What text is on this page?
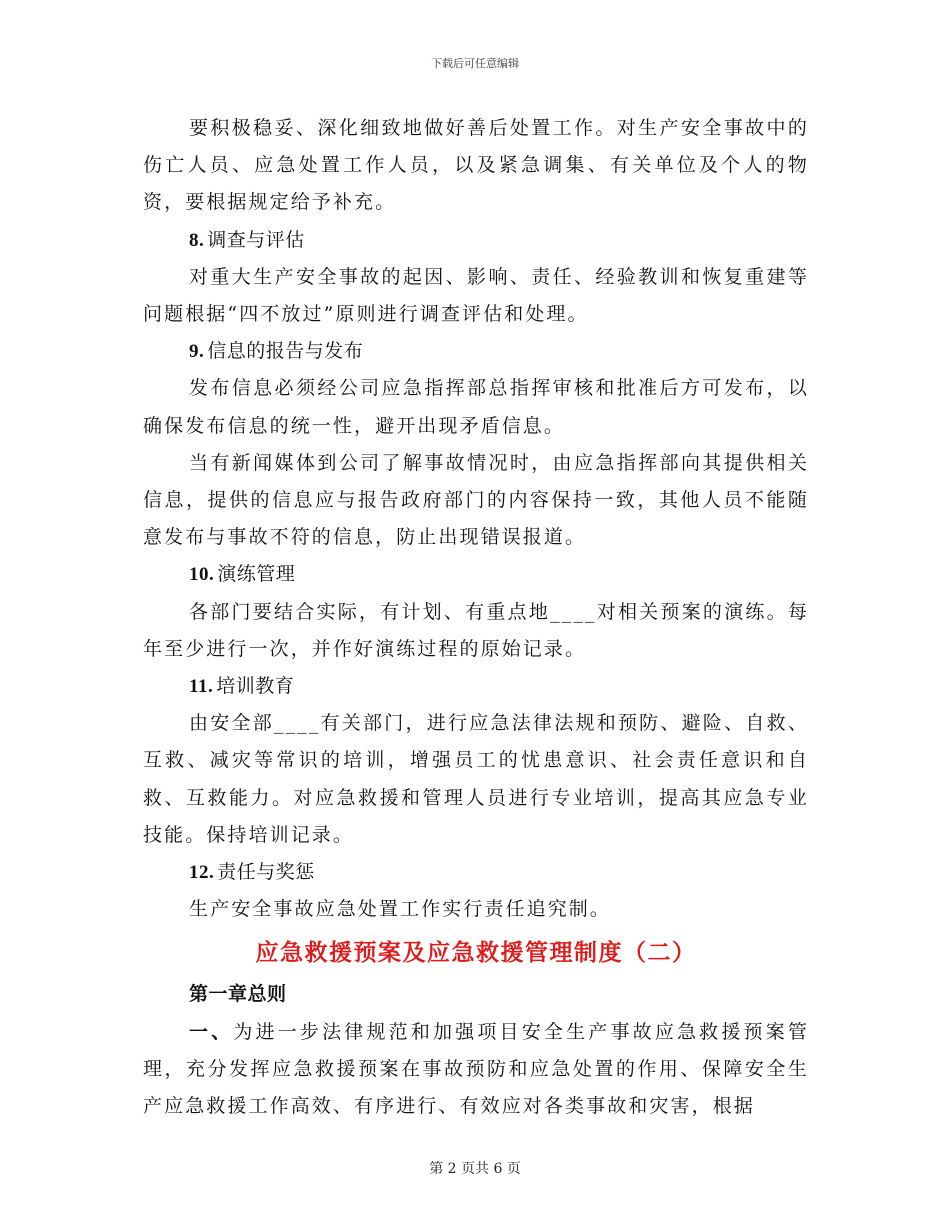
下载后可任意编辑

要积极稳妥、深化细致地做好善后处置工作。对生产安全事故中的伤亡人员、应急处置工作人员，以及紧急调集、有关单位及个人的物资，要根据规定给予补充。

8. 调查与评估

对重大生产安全事故的起因、影响、责任、经验教训和恢复重建等问题根据“四不放过”原则进行调查评估和处理。

9. 信息的报告与发布

发布信息必须经公司应急指挥部总指挥审核和批准后方可发布，以确保发布信息的统一性，避开出现矛盾信息。

当有新闻媒体到公司了解事故情况时，由应急指挥部向其提供相关信息，提供的信息应与报告政府部门的内容保持一致，其他人员不能随意发布与事故不符的信息，防止出现错误报道。

10. 演练管理

各部门要结合实际，有计划、有重点地____对相关预案的演练。每年至少进行一次，并作好演练过程的原始记录。

11. 培训教育

由安全部____有关部门，进行应急法律法规和预防、避险、自救、互救、减灾等常识的培训，增强员工的忧患意识、社会责任意识和自救、互救能力。对应急救援和管理人员进行专业培训，提高其应急专业技能。保持培训记录。

12. 责任与奖惩

生产安全事故应急处置工作实行责任追究制。

应急救援预案及应急救援管理制度（二）

第一章总则

一、为进一步法律规范和加强项目安全生产事故应急救援预案管理，充分发挥应急救援预案在事故预防和应急处置的作用、保障安全生产应急救援工作高效、有序进行、有效应对各类事故和灾害，根据

第 2 页共 6 页
